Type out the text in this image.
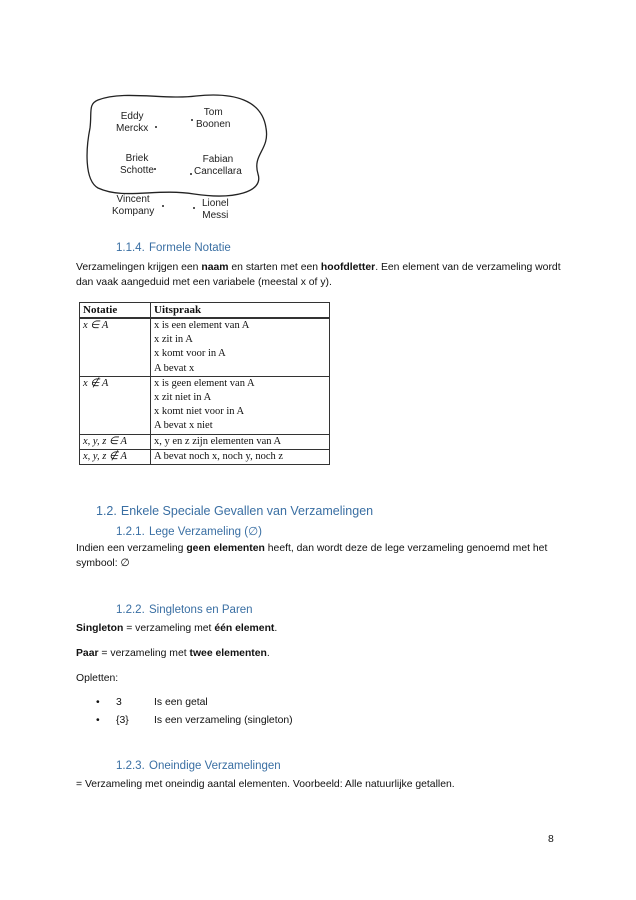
Eddy
Merckx
Tom
Boonen
Briek
Schotte
Fabian
Cancellara
Vincent
Kompany
Lionel
Messi
1.1.4. Formele Notatie
Verzamelingen krijgen een naam en starten met een hoofdletter. Een element van de verzameling wordt dan vaak aangeduid met een variabele (meestal x of y).
Notatie	Uitspraak
x ∈ A	x is een element van A
x zit in A
x komt voor in A
A bevat x

x ∉ A	x is geen element van A
x zit niet in A
x komt niet voor in A
A bevat x niet

x, y, z ∈ A	x, y en z zijn elementen van A

x, y, z ∉ A	A bevat noch x, noch y, noch z
1.2. Enkele Speciale Gevallen van Verzamelingen
1.2.1. Lege Verzameling (∅)
Indien een verzameling geen elementen heeft, dan wordt deze de lege verzameling genoemd met het symbool: ∅
1.2.2. Singletons en Paren
Singleton = verzameling met één element.
Paar = verzameling met twee elementen.
Opletten:
• 3	Is een getal
• {3} Is een verzameling (singleton)
1.2.3. Oneindige Verzamelingen
= Verzameling met oneindig aantal elementen. Voorbeeld: Alle natuurlijke getallen.
8
